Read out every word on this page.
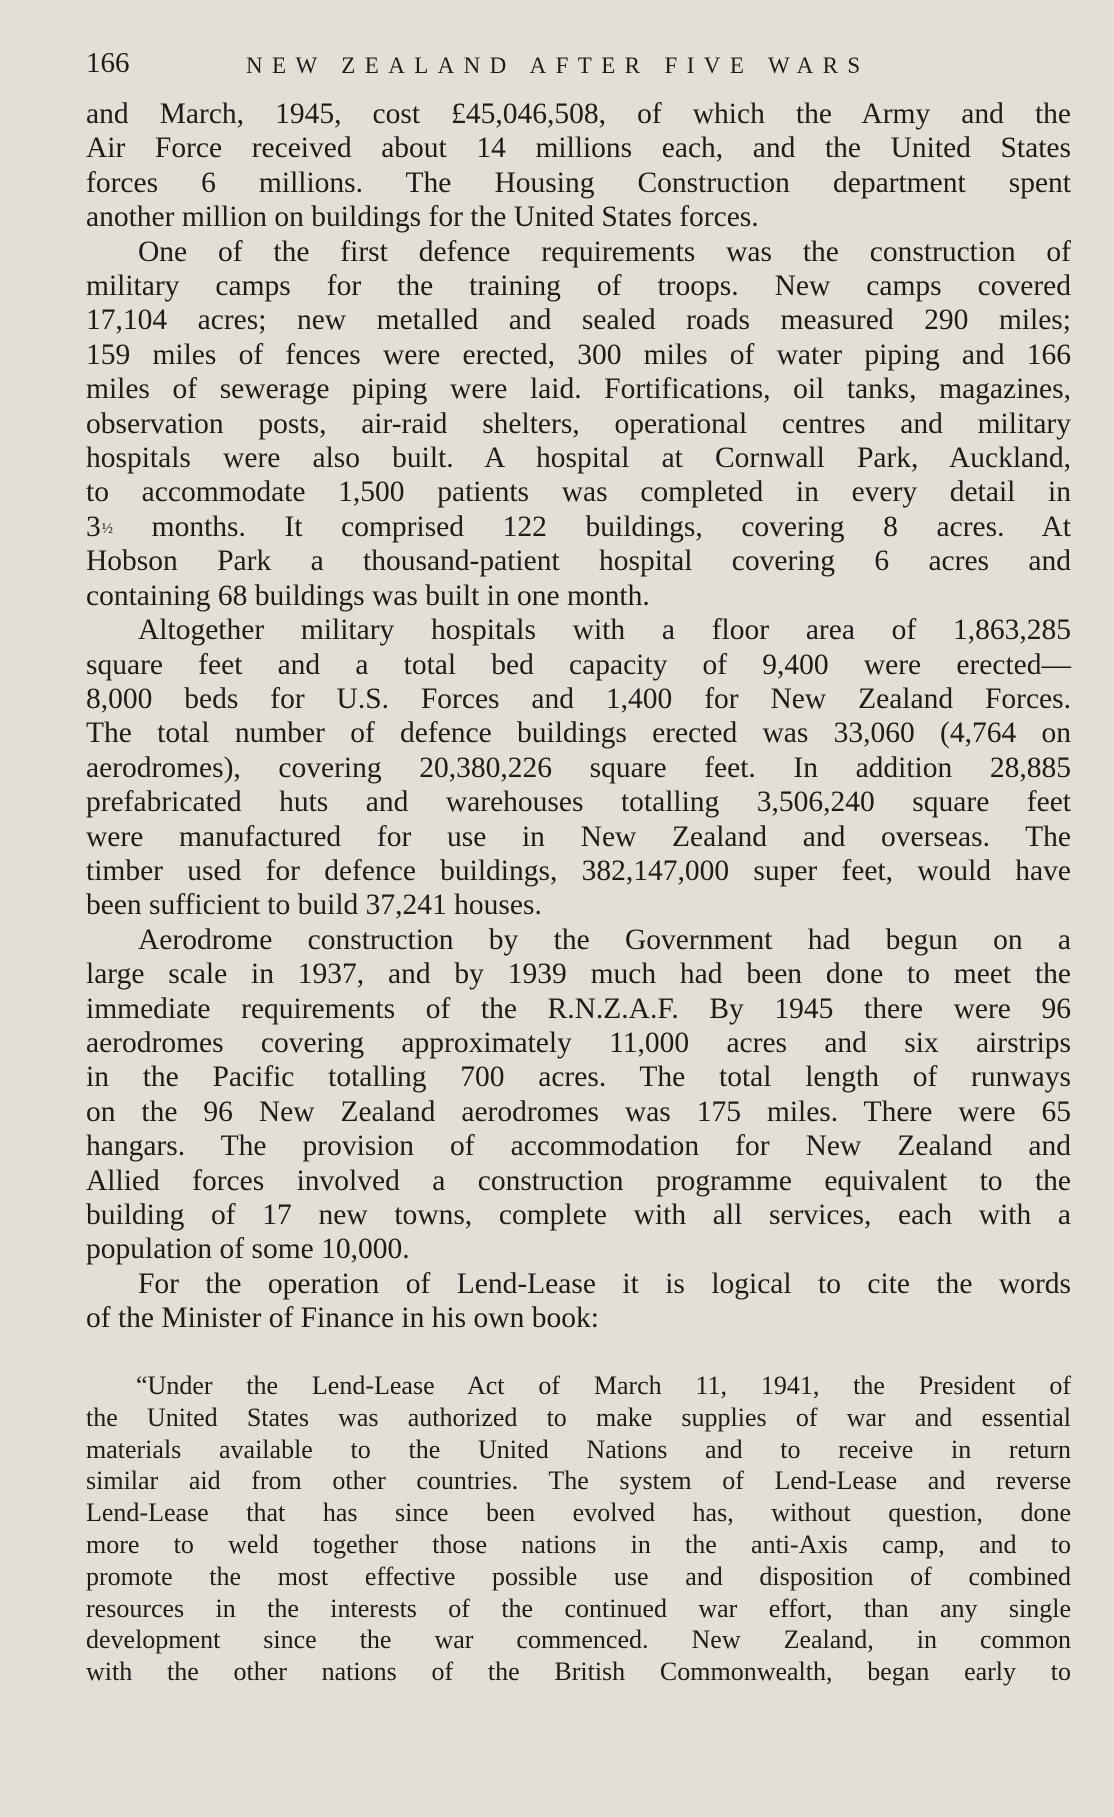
166	NEW ZEALAND AFTER FIVE WARS
and March, 1945, cost £45,046,508, of which the Army and the
Air Force received about 14 millions each, and the United States
forces 6 millions. The Housing Construction department spent
another million on buildings for the United States forces.
One of the first defence requirements was the construction of
military camps for the training of troops. New camps covered
17,104 acres; new metalled and sealed roads measured 290 miles;
159 miles of fences were erected, 300 miles of water piping and 166
miles of sewerage piping were laid. Fortifications, oil tanks, magazines,
observation posts, air-raid shelters, operational centres and military
hospitals were also built. A hospital at Cornwall Park, Auckland,
to accommodate 1,500 patients was completed in every detail in
3½ months. It comprised 122 buildings, covering 8 acres. At
Hobson Park a thousand-patient hospital covering 6 acres and
containing 68 buildings was built in one month.
Altogether military hospitals with a floor area of 1,863,285
square feet and a total bed capacity of 9,400 were erected—
8,000 beds for U.S. Forces and 1,400 for New Zealand Forces.
The total number of defence buildings erected was 33,060 (4,764 on
aerodromes), covering 20,380,226 square feet. In addition 28,885
prefabricated huts and warehouses totalling 3,506,240 square feet
were manufactured for use in New Zealand and overseas. The
timber used for defence buildings, 382,147,000 super feet, would have
been sufficient to build 37,241 houses.
Aerodrome construction by the Government had begun on a
large scale in 1937, and by 1939 much had been done to meet the
immediate requirements of the R.N.Z.A.F. By 1945 there were 96
aerodromes covering approximately 11,000 acres and six airstrips
in the Pacific totalling 700 acres. The total length of runways
on the 96 New Zealand aerodromes was 175 miles. There were 65
hangars. The provision of accommodation for New Zealand and
Allied forces involved a construction programme equivalent to the
building of 17 new towns, complete with all services, each with a
population of some 10,000.
For the operation of Lend-Lease it is logical to cite the words
of the Minister of Finance in his own book:
“Under the Lend-Lease Act of March 11, 1941, the President of
the United States was authorized to make supplies of war and essential
materials available to the United Nations and to receive in return
similar aid from other countries. The system of Lend-Lease and reverse
Lend-Lease that has since been evolved has, without question, done
more to weld together those nations in the anti-Axis camp, and to
promote the most effective possible use and disposition of combined
resources in the interests of the continued war effort, than any single
development since the war commenced. New Zealand, in common
with the other nations of the British Commonwealth, began early to
